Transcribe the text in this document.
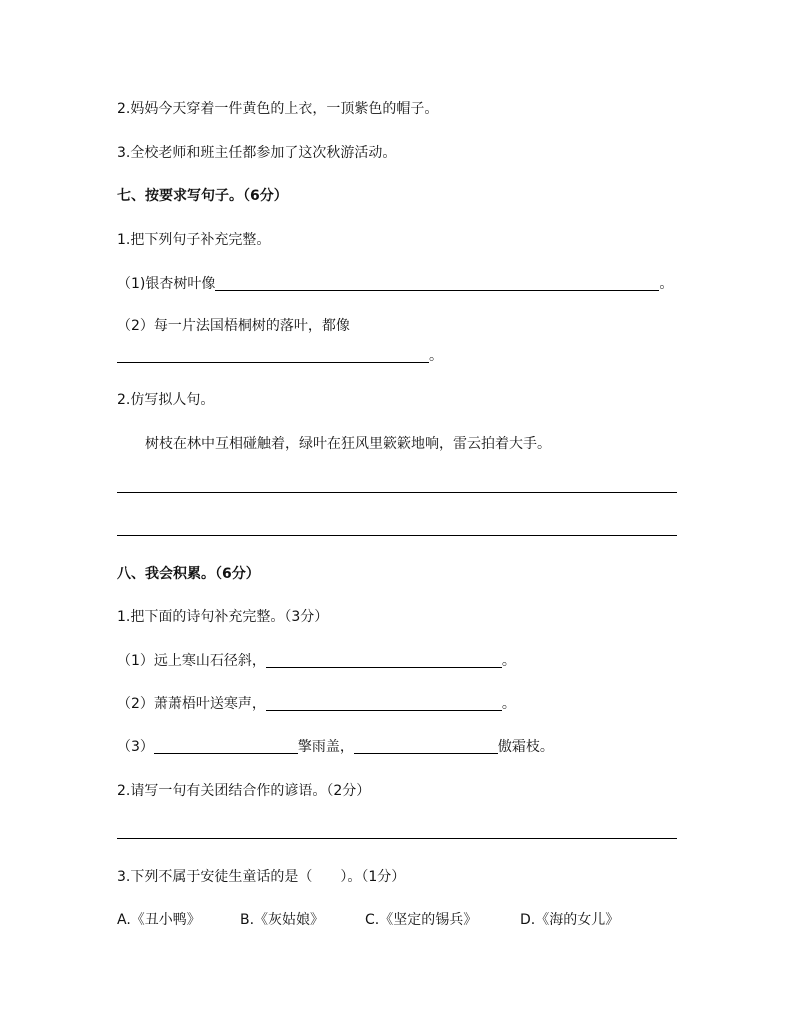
2.妈妈今天穿着一件黄色的上衣，一顶紫色的帽子。
3.全校老师和班主任都参加了这次秋游活动。
七、按要求写句子。（6分）
1.把下列句子补充完整。
（1)银杏树叶像	。
（2）每一片法国梧桐树的落叶，都像
。
2.仿写拟人句。
树枝在林中互相碰触着，绿叶在狂风里簌簌地响，雷云拍着大手。
八、我会积累。（6分）
1.把下面的诗句补充完整。（3分）
（1）远上寒山石径斜，	。
（2）萧萧梧叶送寒声，	。
（3）	擎雨盖，	傲霜枝。
2.请写一句有关团结合作的谚语。（2分）
3.下列不属于安徒生童话的是（　　）。（1分）
A.《丑小鸭》	B.《灰姑娘》	C.《坚定的锡兵》	D.《海的女儿》
